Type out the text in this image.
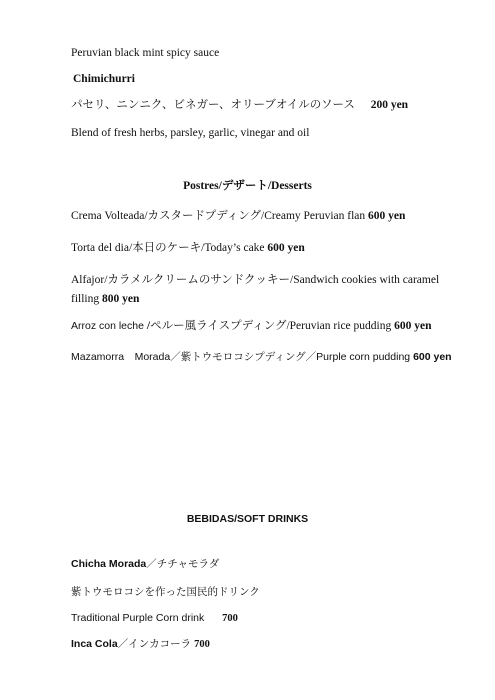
Peruvian black mint spicy sauce
Chimichurri
パセリ、ニンニク、ビネガー、オリーブオイルのソース 200 yen
Blend of fresh herbs, parsley, garlic, vinegar and oil
Postres/デザート/Desserts
Crema Volteada/カスタードプディング/Creamy Peruvian flan 600 yen
Torta del dia/本日のケーキ/Today’s cake 600 yen
Alfajor/カラメルクリームのサンドクッキー/Sandwich cookies with caramel filling 800 yen
Arroz con leche /ペルー風ライスプディング/Peruvian rice pudding 600 yen
Mazamorra　Morada／紫トウモロコシプディング／Purple corn pudding 600 yen
BEBIDAS/SOFT DRINKS
Chicha Morada／チチャモラダ
紫トウモロコシを作った国民的ドリンク
Traditional Purple Corn drink 700
Inca Cola／インカコーラ 700
